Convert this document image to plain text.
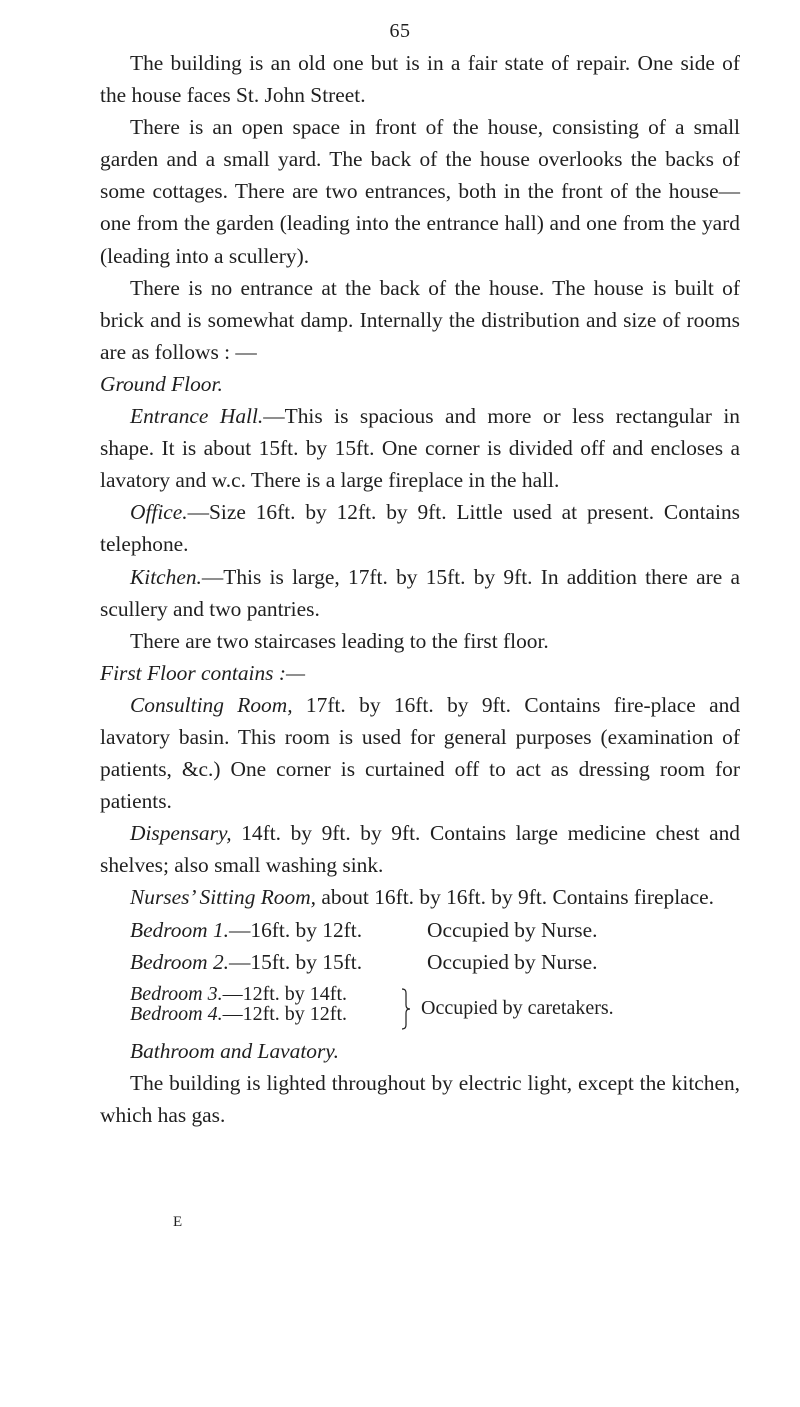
65

The building is an old one but is in a fair state of repair. One side of the house faces St. John Street.

There is an open space in front of the house, consisting of a small garden and a small yard. The back of the house overlooks the backs of some cottages. There are two entrances, both in the front of the house—one from the garden (leading into the entrance hall) and one from the yard (leading into a scullery).

There is no entrance at the back of the house. The house is built of brick and is somewhat damp. Internally the distribution and size of rooms are as follows : —

Ground Floor.

Entrance Hall.—This is spacious and more or less rectangular in shape. It is about 15ft. by 15ft. One corner is divided off and encloses a lavatory and w.c. There is a large fireplace in the hall.

Office.—Size 16ft. by 12ft. by 9ft. Little used at present. Contains telephone.

Kitchen.—This is large, 17ft. by 15ft. by 9ft. In addition there are a scullery and two pantries.

There are two staircases leading to the first floor.

First Floor contains :—

Consulting Room, 17ft. by 16ft. by 9ft. Contains fire-place and lavatory basin. This room is used for general purposes (examination of patients, &c.) One corner is curtained off to act as dressing room for patients.

Dispensary, 14ft. by 9ft. by 9ft. Contains large medicine chest and shelves; also small washing sink.

Nurses’ Sitting Room, about 16ft. by 16ft. by 9ft. Contains fireplace.

Bedroom 1.—16ft. by 12ft.	Occupied by Nurse.
Bedroom 2.—15ft. by 15ft.	Occupied by Nurse.
Bedroom 3.—12ft. by 14ft.
Bedroom 4.—12ft. by 12ft.	Occupied by caretakers.

Bathroom and Lavatory.

The building is lighted throughout by electric light, except the kitchen, which has gas.

E
